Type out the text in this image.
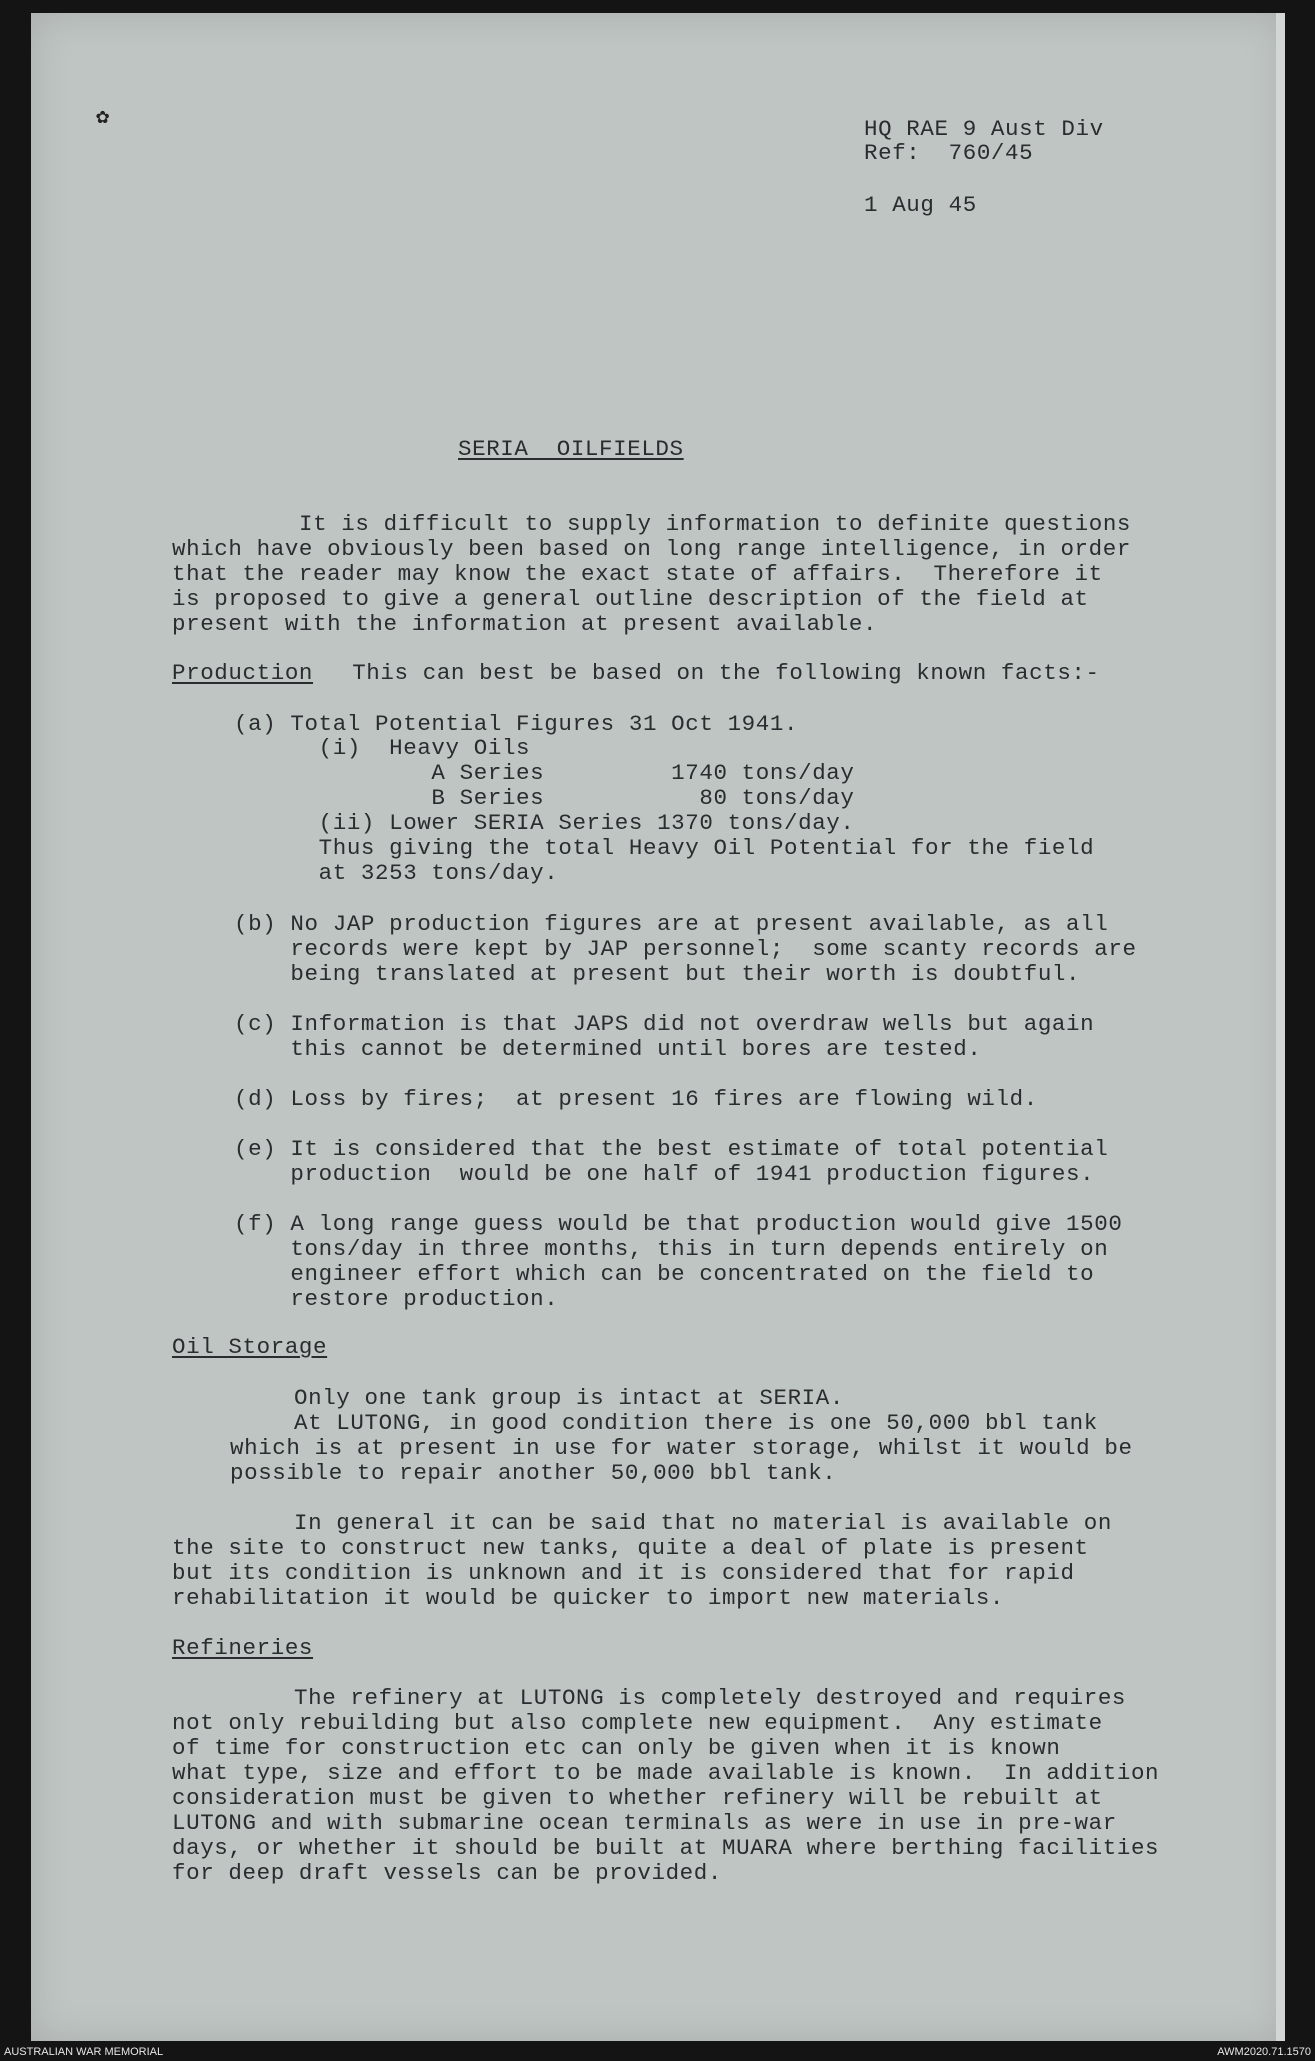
✿	HQ RAE 9 Aust Div
Ref:  760/45
1 Aug 45
SERIA  OILFIELDS
It is difficult to supply information to definite questions
which have obviously been based on long range intelligence, in order
that the reader may know the exact state of affairs.  Therefore it
is proposed to give a general outline description of the field at
present with the information at present available.
Production This can best be based on the following known facts:-
(a) Total Potential Figures 31 Oct 1941.
(i)  Heavy Oils
A Series         1740 tons/day
B Series           80 tons/day
(ii) Lower SERIA Series 1370 tons/day.
Thus giving the total Heavy Oil Potential for the field
at 3253 tons/day.
(b) No JAP production figures are at present available, as all
records were kept by JAP personnel;  some scanty records are
being translated at present but their worth is doubtful.
(c) Information is that JAPS did not overdraw wells but again
this cannot be determined until bores are tested.
(d) Loss by fires;  at present 16 fires are flowing wild.
(e) It is considered that the best estimate of total potential
production  would be one half of 1941 production figures.
(f) A long range guess would be that production would give 1500
tons/day in three months, this in turn depends entirely on
engineer effort which can be concentrated on the field to
restore production.
Oil Storage
Only one tank group is intact at SERIA.
At LUTONG, in good condition there is one 50,000 bbl tank
which is at present in use for water storage, whilst it would be
possible to repair another 50,000 bbl tank.
In general it can be said that no material is available on
the site to construct new tanks, quite a deal of plate is present
but its condition is unknown and it is considered that for rapid
rehabilitation it would be quicker to import new materials.
Refineries
The refinery at LUTONG is completely destroyed and requires
not only rebuilding but also complete new equipment.  Any estimate
of time for construction etc can only be given when it is known
what type, size and effort to be made available is known.  In addition
consideration must be given to whether refinery will be rebuilt at
LUTONG and with submarine ocean terminals as were in use in pre-war
days, or whether it should be built at MUARA where berthing facilities
for deep draft vessels can be provided.
AUSTRALIAN WAR MEMORIAL	AWM2020.71.1570
